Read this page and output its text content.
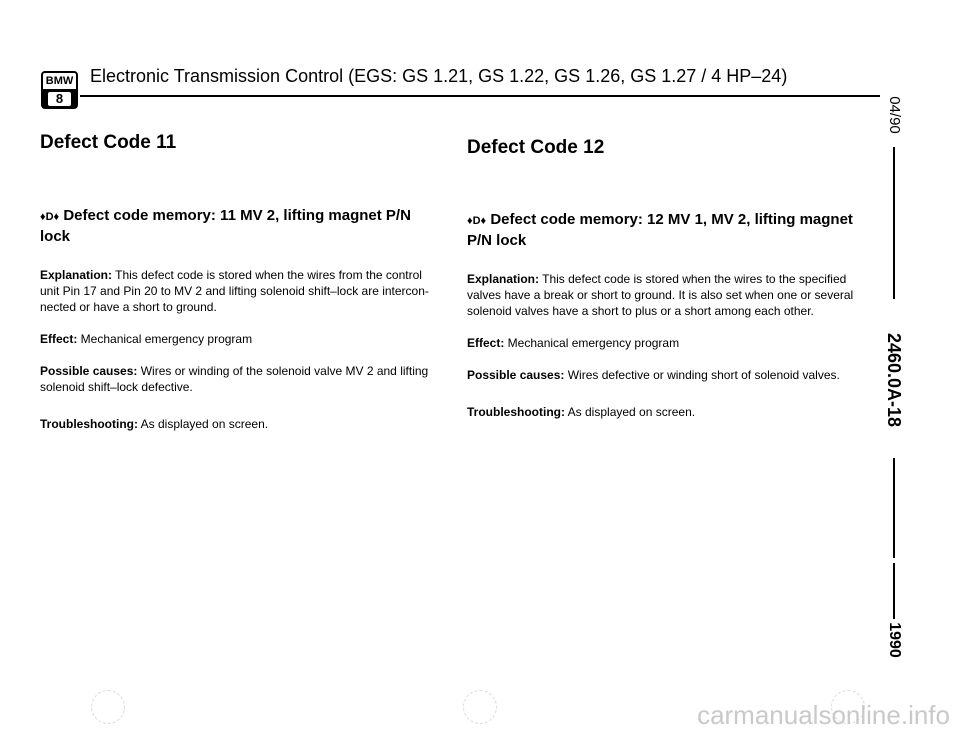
BMW
8
Electronic Transmission Control (EGS: GS 1.21, GS 1.22, GS 1.26, GS 1.27 / 4 HP–24)
04/90
2460.0A-18
1990
Defect Code 11

♦D♦ Defect code memory: 11 MV 2, lifting magnet P/N lock

Explanation: This defect code is stored when the wires from the control unit Pin 17 and Pin 20 to MV 2 and lifting solenoid shift–lock are intercon- nected or have a short to ground.

Effect: Mechanical emergency program

Possible causes: Wires or winding of the solenoid valve MV 2 and lifting solenoid shift–lock defective.

Troubleshooting: As displayed on screen.

Defect Code 12

♦D♦ Defect code memory: 12 MV 1, MV 2, lifting magnet P/N lock

Explanation: This defect code is stored when the wires to the specified valves have a break or short to ground. It is also set when one or several solenoid valves have a short to plus or a short among each other.

Effect: Mechanical emergency program

Possible causes: Wires defective or winding short of solenoid valves.

Troubleshooting: As displayed on screen.

carmanualsonline.info
